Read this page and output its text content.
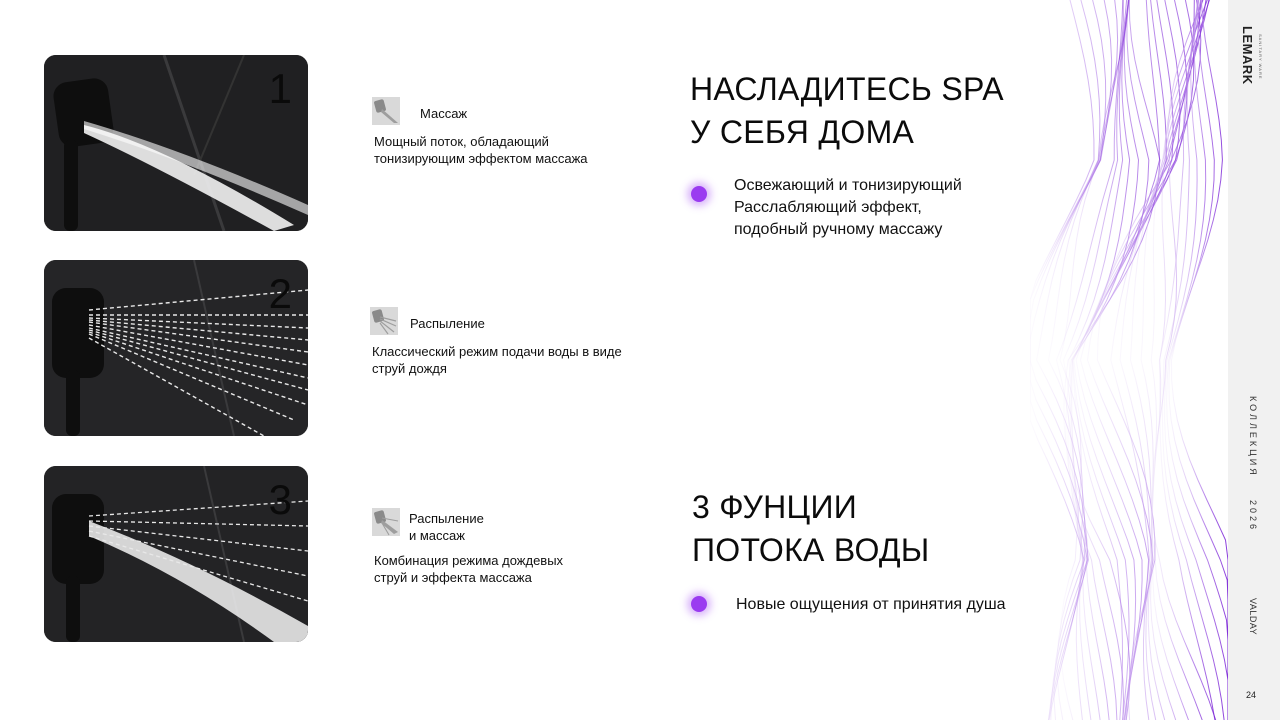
LEMARK SANITARY WARE
КОЛЛЕКЦИЯ
2026
VALDAY
24
1
2
3
Массаж
Мощный поток, обладающий
тонизирующим эффектом массажа
Распыление
Классический режим подачи воды в виде
струй дождя
Распыление
и массаж
Комбинация режима дождевых
струй и эффекта массажа
НАСЛАДИТЕСЬ SPA
У СЕБЯ ДОМА
Освежающий и тонизирующий
Расслабляющий эффект,
подобный ручному массажу
3 ФУНЦИИ
ПОТОКА ВОДЫ
Новые ощущения от принятия душа
